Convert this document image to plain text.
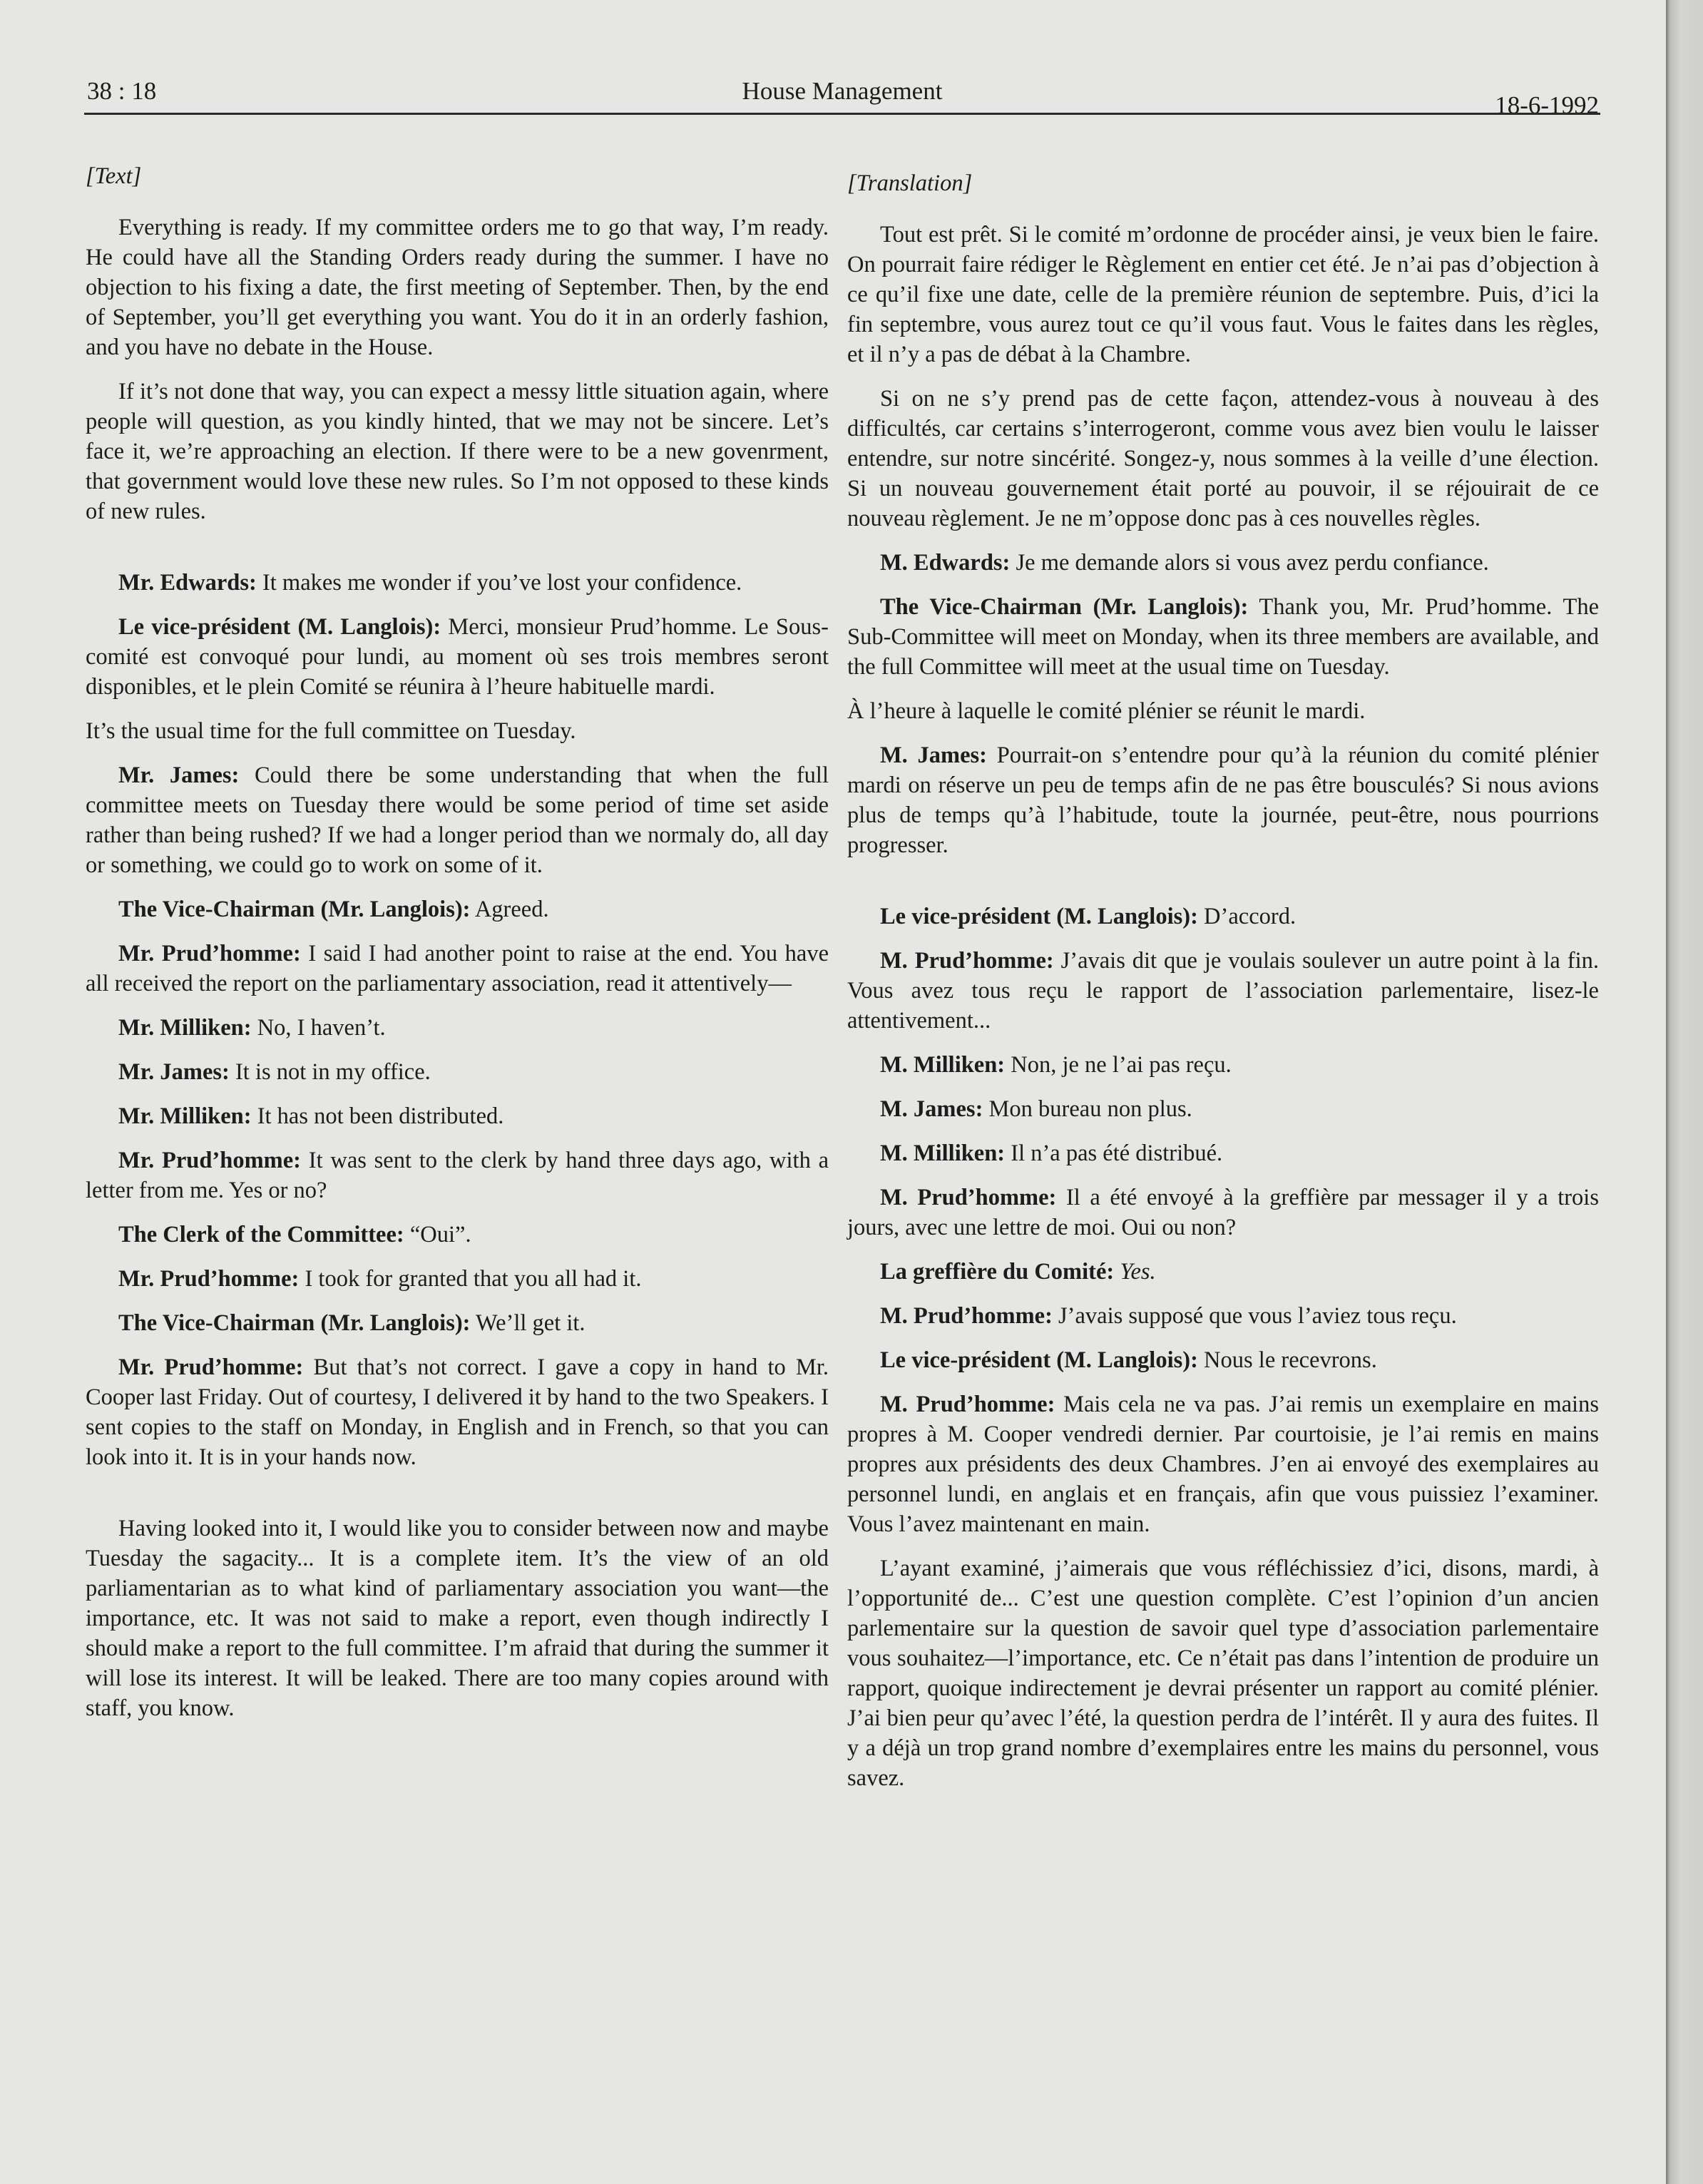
38 : 18	House Management
18-6-1992

[Text]

Everything is ready. If my committee orders me to go that way, I’m ready. He could have all the Standing Orders ready during the summer. I have no objection to his fixing a date, the first meeting of September. Then, by the end of September, you’ll get everything you want. You do it in an orderly fashion, and you have no debate in the House.

If it’s not done that way, you can expect a messy little situation again, where people will question, as you kindly hinted, that we may not be sincere. Let’s face it, we’re approaching an election. If there were to be a new govenrment, that government would love these new rules. So I’m not opposed to these kinds of new rules.

Mr. Edwards: It makes me wonder if you’ve lost your confidence.

Le vice-président (M. Langlois): Merci, monsieur Prud’homme. Le Sous-comité est convoqué pour lundi, au moment où ses trois membres seront disponibles, et le plein Comité se réunira à l’heure habituelle mardi.

It’s the usual time for the full committee on Tuesday.

Mr. James: Could there be some understanding that when the full committee meets on Tuesday there would be some period of time set aside rather than being rushed? If we had a longer period than we normaly do, all day or something, we could go to work on some of it.

The Vice-Chairman (Mr. Langlois): Agreed.

Mr. Prud’homme: I said I had another point to raise at the end. You have all received the report on the parliamentary association, read it attentively—

Mr. Milliken: No, I haven’t.

Mr. James: It is not in my office.

Mr. Milliken: It has not been distributed.

Mr. Prud’homme: It was sent to the clerk by hand three days ago, with a letter from me. Yes or no?

The Clerk of the Committee: “Oui”.

Mr. Prud’homme: I took for granted that you all had it.

The Vice-Chairman (Mr. Langlois): We’ll get it.

Mr. Prud’homme: But that’s not correct. I gave a copy in hand to Mr. Cooper last Friday. Out of courtesy, I delivered it by hand to the two Speakers. I sent copies to the staff on Monday, in English and in French, so that you can look into it. It is in your hands now.

Having looked into it, I would like you to consider between now and maybe Tuesday the sagacity... It is a complete item. It’s the view of an old parliamentarian as to what kind of parliamentary association you want—the importance, etc. It was not said to make a report, even though indirectly I should make a report to the full committee. I’m afraid that during the summer it will lose its interest. It will be leaked. There are too many copies around with staff, you know.

[Translation]

Tout est prêt. Si le comité m’ordonne de procéder ainsi, je veux bien le faire. On pourrait faire rédiger le Règlement en entier cet été. Je n’ai pas d’objection à ce qu’il fixe une date, celle de la première réunion de septembre. Puis, d’ici la fin septembre, vous aurez tout ce qu’il vous faut. Vous le faites dans les règles, et il n’y a pas de débat à la Chambre.

Si on ne s’y prend pas de cette façon, attendez-vous à nouveau à des difficultés, car certains s’interrogeront, comme vous avez bien voulu le laisser entendre, sur notre sincérité. Songez-y, nous sommes à la veille d’une élection. Si un nouveau gouvernement était porté au pouvoir, il se réjouirait de ce nouveau règlement. Je ne m’oppose donc pas à ces nouvelles règles.

M. Edwards: Je me demande alors si vous avez perdu confiance.

The Vice-Chairman (Mr. Langlois): Thank you, Mr. Prud’homme. The Sub-Committee will meet on Monday, when its three members are available, and the full Committee will meet at the usual time on Tuesday.

À l’heure à laquelle le comité plénier se réunit le mardi.

M. James: Pourrait-on s’entendre pour qu’à la réunion du comité plénier mardi on réserve un peu de temps afin de ne pas être bousculés? Si nous avions plus de temps qu’à l’habitude, toute la journée, peut-être, nous pourrions progresser.

Le vice-président (M. Langlois): D’accord.

M. Prud’homme: J’avais dit que je voulais soulever un autre point à la fin. Vous avez tous reçu le rapport de l’association parlementaire, lisez-le attentivement...

M. Milliken: Non, je ne l’ai pas reçu.

M. James: Mon bureau non plus.

M. Milliken: Il n’a pas été distribué.

M. Prud’homme: Il a été envoyé à la greffière par messager il y a trois jours, avec une lettre de moi. Oui ou non?

La greffière du Comité: Yes.

M. Prud’homme: J’avais supposé que vous l’aviez tous reçu.

Le vice-président (M. Langlois): Nous le recevrons.

M. Prud’homme: Mais cela ne va pas. J’ai remis un exemplaire en mains propres à M. Cooper vendredi dernier. Par courtoisie, je l’ai remis en mains propres aux présidents des deux Chambres. J’en ai envoyé des exemplaires au personnel lundi, en anglais et en français, afin que vous puissiez l’examiner. Vous l’avez maintenant en main.

L’ayant examiné, j’aimerais que vous réfléchissiez d’ici, disons, mardi, à l’opportunité de... C’est une question complète. C’est l’opinion d’un ancien parlementaire sur la question de savoir quel type d’association parlementaire vous souhaitez—l’importance, etc. Ce n’était pas dans l’intention de produire un rapport, quoique indirectement je devrai présenter un rapport au comité plénier. J’ai bien peur qu’avec l’été, la question perdra de l’intérêt. Il y aura des fuites. Il y a déjà un trop grand nombre d’exemplaires entre les mains du personnel, vous savez.
